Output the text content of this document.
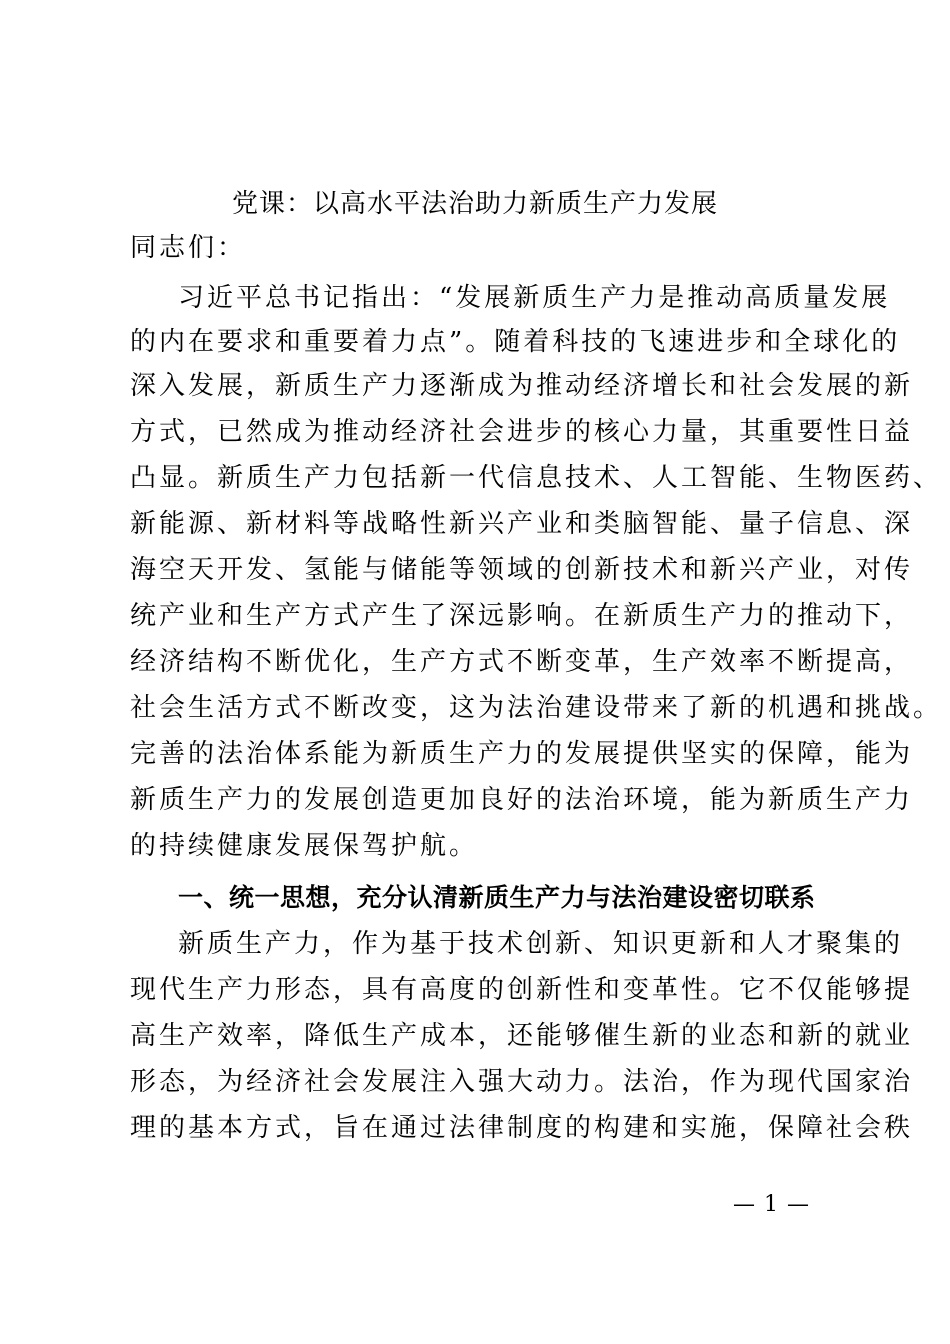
党课：以高水平法治助力新质生产力发展
同志们：
习近平总书记指出：“发展新质生产力是推动高质量发展
的内在要求和重要着力点”。随着科技的飞速进步和全球化的
深入发展，新质生产力逐渐成为推动经济增长和社会发展的新
方式，已然成为推动经济社会进步的核心力量，其重要性日益
凸显。新质生产力包括新一代信息技术、人工智能、生物医药、
新能源、新材料等战略性新兴产业和类脑智能、量子信息、深
海空天开发、氢能与储能等领域的创新技术和新兴产业，对传
统产业和生产方式产生了深远影响。在新质生产力的推动下，
经济结构不断优化，生产方式不断变革，生产效率不断提高，
社会生活方式不断改变，这为法治建设带来了新的机遇和挑战。
完善的法治体系能为新质生产力的发展提供坚实的保障，能为
新质生产力的发展创造更加良好的法治环境，能为新质生产力
的持续健康发展保驾护航。
一、统一思想，充分认清新质生产力与法治建设密切联系
新质生产力，作为基于技术创新、知识更新和人才聚集的
现代生产力形态，具有高度的创新性和变革性。它不仅能够提
高生产效率，降低生产成本，还能够催生新的业态和新的就业
形态，为经济社会发展注入强大动力。法治，作为现代国家治
理的基本方式，旨在通过法律制度的构建和实施，保障社会秩
— 1 —
